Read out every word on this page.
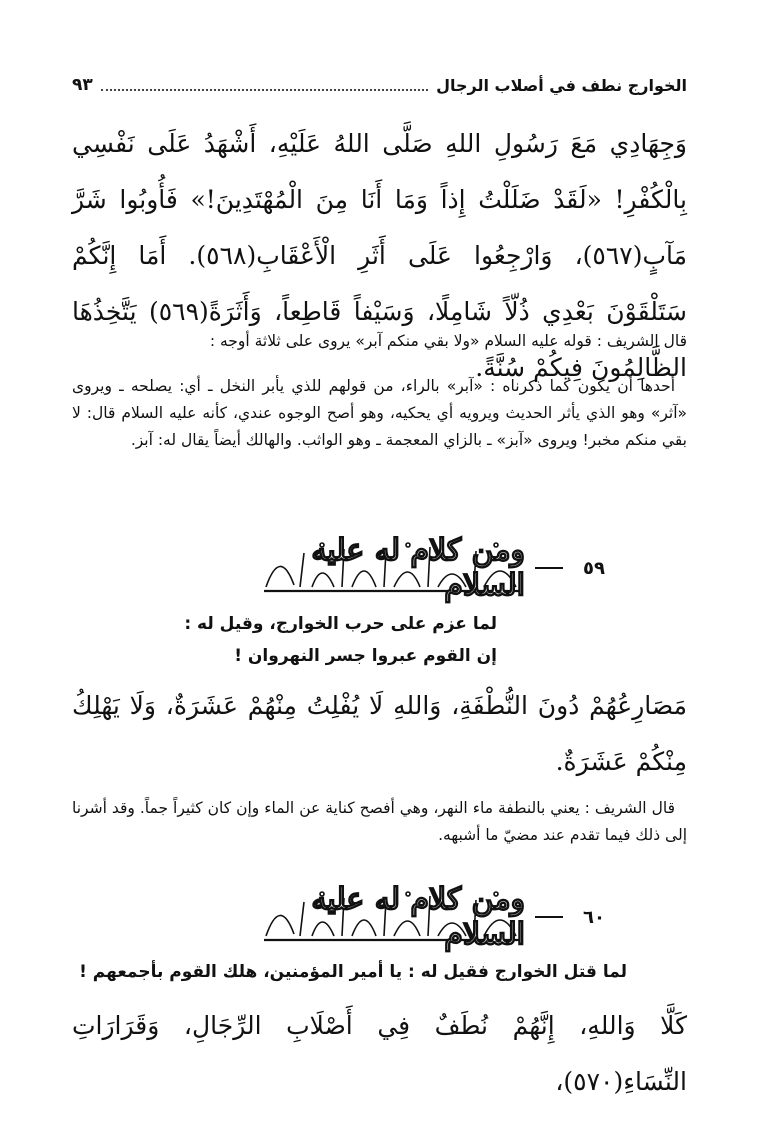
الخوارج نطف في أصلاب الرجال
٩٣
وَجِهَادِي مَعَ رَسُولِ اللهِ صَلَّى اللهُ عَلَيْهِ، أَشْهَدُ عَلَى نَفْسِي بِالْكُفْرِ! «لَقَدْ ضَلَلْتُ إِذاً وَمَا أَنَا مِنَ الْمُهْتَدِينَ!» فَأُوبُوا شَرَّ مَآبٍ(٥٦٧)، وَارْجِعُوا عَلَى أَثَرِ الْأَعْقَابِ(٥٦٨). أَمَا إِنَّكُمْ سَتَلْقَوْنَ بَعْدِي ذُلّاً شَامِلًا، وَسَيْفاً قَاطِعاً، وَأَثَرَةً(٥٦٩) يَتَّخِذُهَا الظَّالِمُونَ فِيكُمْ سُنَّةً.
قال الشريف : قوله عليه السلام «ولا بقي منكم آبر» يروى على ثلاثة أوجه :
أحدها أن يكون كما ذكرناه : «آبر» بالراء، من قولهم للذي يأبر النخل ـ أي: يصلحه ـ ويروى «آثر» وهو الذي يأثر الحديث ويرويه أي يحكيه، وهو أصح الوجوه عندي، كأنه عليه السلام قال: لا بقي منكم مخبر! ويروى «آبز» ـ بالزاي المعجمة ـ وهو الواثب. والهالك أيضاً يقال له: آبز.
٥٩
ومن كلام له عليه السلام
لما عزم على حرب الخوارج، وقيل له :
إن القوم عبروا جسر النهروان !
مَصَارِعُهُمْ دُونَ النُّطْفَةِ، وَاللهِ لَا يُفْلِتُ مِنْهُمْ عَشَرَةٌ، وَلَا يَهْلِكُ مِنْكُمْ عَشَرَةٌ.
قال الشريف : يعني بالنطفة ماء النهر، وهي أفصح كناية عن الماء وإن كان كثيراً جماً. وقد أشرنا إلى ذلك فيما تقدم عند مضيّ ما أشبهه.
٦٠
ومن كلام له عليه السلام
لما قتل الخوارج فقيل له : يا أمير المؤمنين، هلك القوم بأجمعهم !
كَلَّا وَاللهِ، إِنَّهُمْ نُطَفٌ فِي أَصْلَابِ الرِّجَالِ، وَقَرَارَاتِ النِّسَاءِ(٥٧٠)،
